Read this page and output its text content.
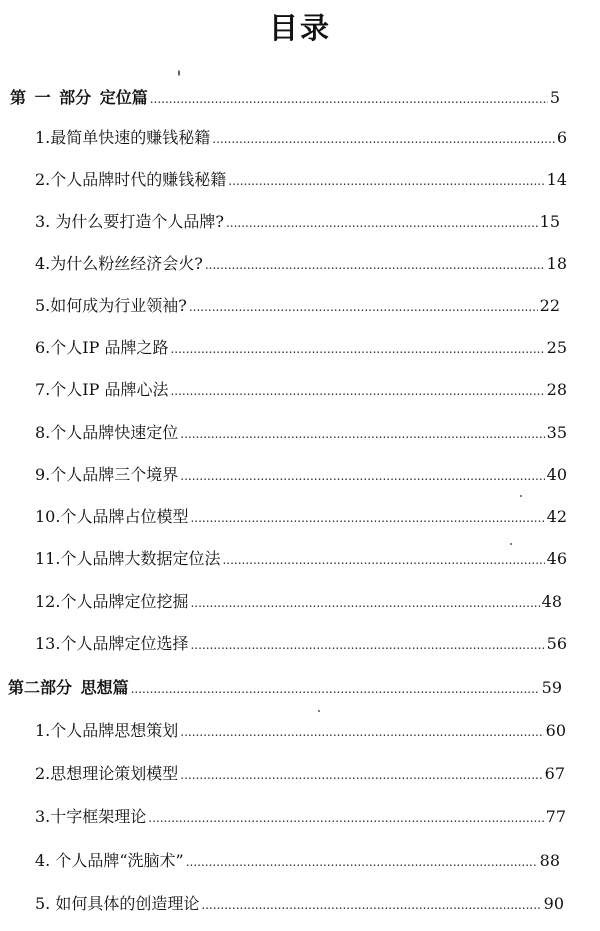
目录
第 一 部分 定位篇 .....	5
1.最简单快速的赚钱秘籍 .....	6
2.个人品牌时代的赚钱秘籍 .....	14
3. 为什么要打造个人品牌? .....	15
4.为什么粉丝经济会火? .....	18
5.如何成为行业领袖? .....	22
6.个人IP 品牌之路 .....	25
7.个人IP 品牌心法 .....	28
8.个人品牌快速定位 .....	35
9.个人品牌三个境界 .....	40
10.个人品牌占位模型 .....	42
11.个人品牌大数据定位法 .....	46
12.个人品牌定位挖掘 .....	48
13.个人品牌定位选择 .....	56
第二部分 思想篇 .....	59
1.个人品牌思想策划 .....	60
2.思想理论策划模型 .....	67
3.十字框架理论 .....	77
4. 个人品牌“洗脑术” .....	88
5. 如何具体的创造理论 .....	90
